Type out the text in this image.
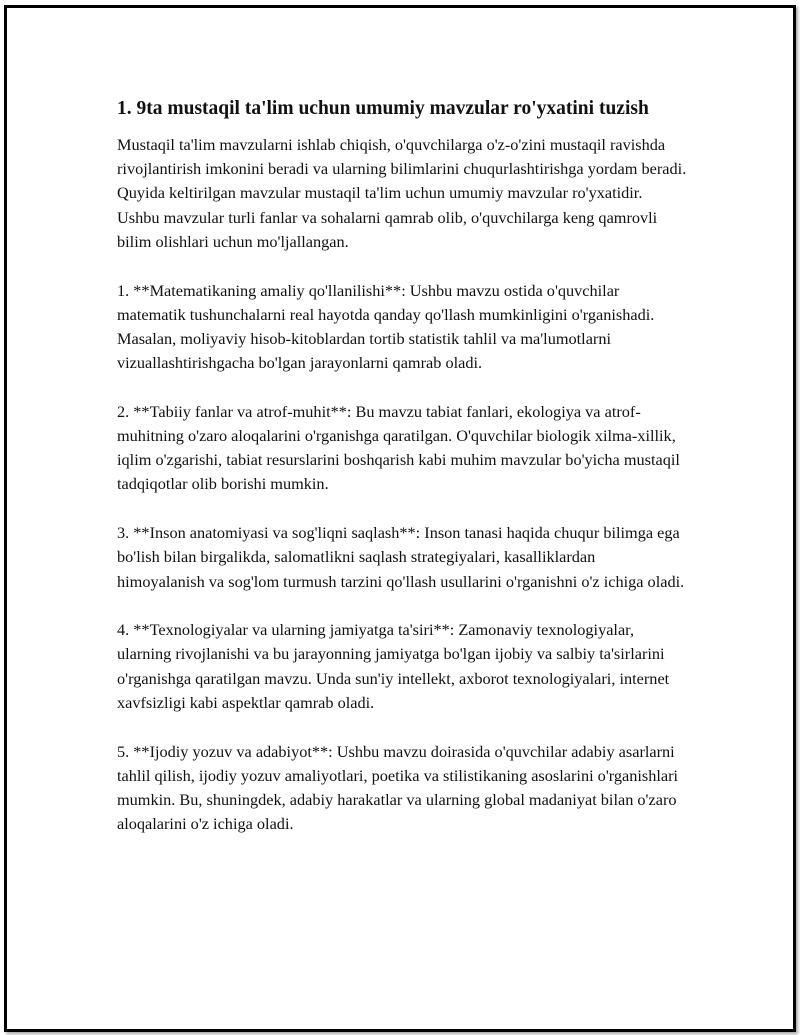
1. 9ta mustaqil ta'lim uchun umumiy mavzular ro'yxatini tuzish

Mustaqil ta'lim mavzularni ishlab chiqish, o'quvchilarga o'z-o'zini mustaqil ravishda rivojlantirish imkonini beradi va ularning bilimlarini chuqurlashtirishga yordam beradi. Quyida keltirilgan mavzular mustaqil ta'lim uchun umumiy mavzular ro'yxatidir. Ushbu mavzular turli fanlar va sohalarni qamrab olib, o'quvchilarga keng qamrovli bilim olishlari uchun mo'ljallangan.

1. **Matematikaning amaliy qo'llanilishi**: Ushbu mavzu ostida o'quvchilar matematik tushunchalarni real hayotda qanday qo'llash mumkinligini o'rganishadi. Masalan, moliyaviy hisob-kitoblardan tortib statistik tahlil va ma'lumotlarni vizuallashtirishgacha bo'lgan jarayonlarni qamrab oladi.

2. **Tabiiy fanlar va atrof-muhit**: Bu mavzu tabiat fanlari, ekologiya va atrof-muhitning o'zaro aloqalarini o'rganishga qaratilgan. O'quvchilar biologik xilma-xillik, iqlim o'zgarishi, tabiat resurslarini boshqarish kabi muhim mavzular bo'yicha mustaqil tadqiqotlar olib borishi mumkin.

3. **Inson anatomiyasi va sog'liqni saqlash**: Inson tanasi haqida chuqur bilimga ega bo'lish bilan birgalikda, salomatlikni saqlash strategiyalari, kasalliklardan himoyalanish va sog'lom turmush tarzini qo'llash usullarini o'rganishni o'z ichiga oladi.

4. **Texnologiyalar va ularning jamiyatga ta'siri**: Zamonaviy texnologiyalar, ularning rivojlanishi va bu jarayonning jamiyatga bo'lgan ijobiy va salbiy ta'sirlarini o'rganishga qaratilgan mavzu. Unda sun'iy intellekt, axborot texnologiyalari, internet xavfsizligi kabi aspektlar qamrab oladi.

5. **Ijodiy yozuv va adabiyot**: Ushbu mavzu doirasida o'quvchilar adabiy asarlarni tahlil qilish, ijodiy yozuv amaliyotlari, poetika va stilistikaning asoslarini o'rganishlari mumkin. Bu, shuningdek, adabiy harakatlar va ularning global madaniyat bilan o'zaro aloqalarini o'z ichiga oladi.
